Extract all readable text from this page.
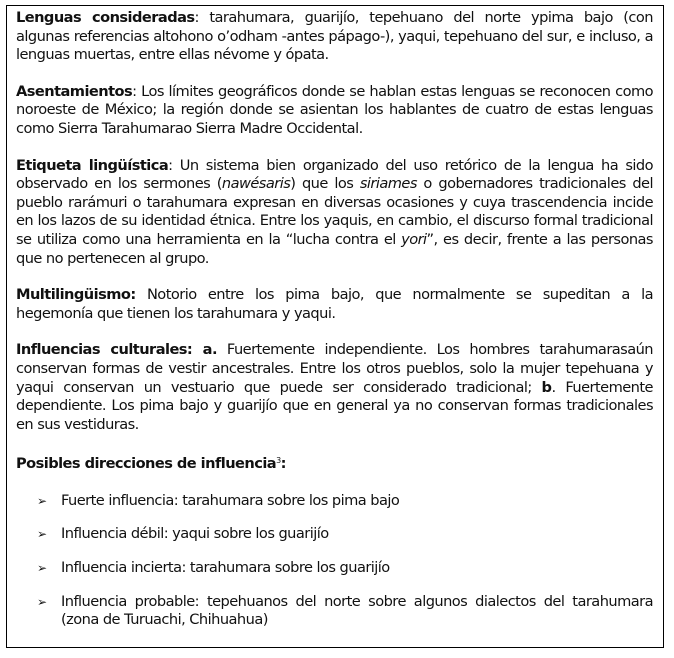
Lenguas consideradas: tarahumara, guarijío, tepehuano del norte ypima bajo (con algunas referencias altohono o’odham -antes pápago-), yaqui, tepehuano del sur, e incluso, a lenguas muertas, entre ellas névome y ópata.

Asentamientos: Los límites geográficos donde se hablan estas lenguas se reconocen como noroeste de México; la región donde se asientan los hablantes de cuatro de estas lenguas como Sierra Tarahumarao Sierra Madre Occidental.

Etiqueta lingüística: Un sistema bien organizado del uso retórico de la lengua ha sido observado en los sermones (nawésaris) que los siriames o gobernadores tradicionales del pueblo rarámuri o tarahumara expresan en diversas ocasiones y cuya trascendencia incide en los lazos de su identidad étnica. Entre los yaquis, en cambio, el discurso formal tradicional se utiliza como una herramienta en la “lucha contra el yori”, es decir, frente a las personas que no pertenecen al grupo.

Multilingüismo: Notorio entre los pima bajo, que normalmente se supeditan a la hegemonía que tienen los tarahumara y yaqui.

Influencias culturales: a. Fuertemente independiente. Los hombres tarahumarasaún conservan formas de vestir ancestrales. Entre los otros pueblos, solo la mujer tepehuana y yaqui conservan un vestuario que puede ser considerado tradicional; b. Fuertemente dependiente. Los pima bajo y guarijío que en general ya no conservan formas tradicionales en sus vestiduras.

Posibles direcciones de influencia$^3$:

➢ Fuerte influencia: tarahumara sobre los pima bajo
➢ Influencia débil: yaqui sobre los guarijío
➢ Influencia incierta: tarahumara sobre los guarijío
➢ Influencia probable: tepehuanos del norte sobre algunos dialectos del tarahumara (zona de Turuachi, Chihuahua)
